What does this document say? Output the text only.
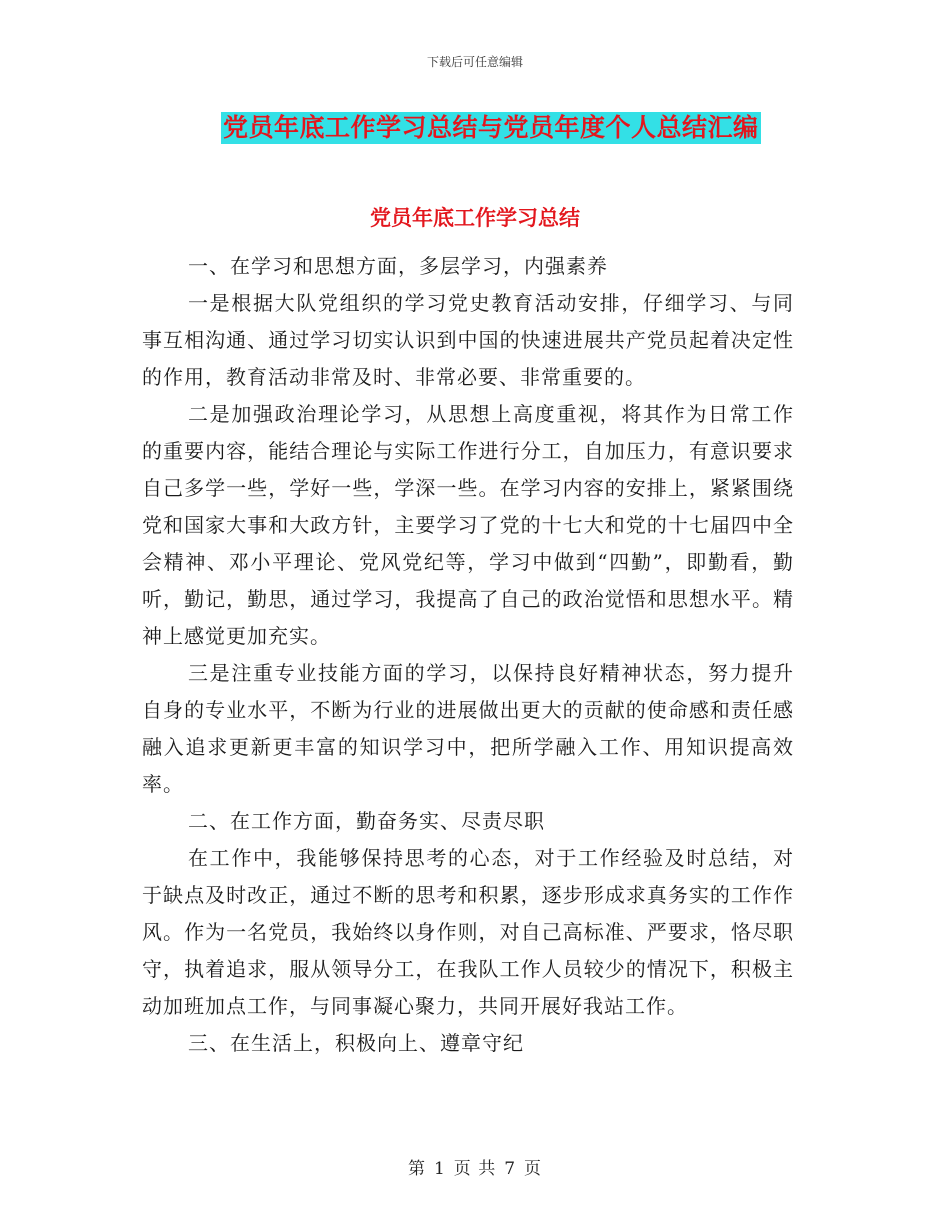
下载后可任意编辑
党员年底工作学习总结与党员年度个人总结汇编
党员年底工作学习总结

一、在学习和思想方面，多层学习，内强素养

一是根据大队党组织的学习党史教育活动安排，仔细学习、与同事互相沟通、通过学习切实认识到中国的快速进展共产党员起着决定性的作用，教育活动非常及时、非常必要、非常重要的。

二是加强政治理论学习，从思想上高度重视，将其作为日常工作的重要内容，能结合理论与实际工作进行分工，自加压力，有意识要求自己多学一些，学好一些，学深一些。在学习内容的安排上，紧紧围绕党和国家大事和大政方针，主要学习了党的十七大和党的十七届四中全会精神、邓小平理论、党风党纪等，学习中做到“四勤”，即勤看，勤听，勤记，勤思，通过学习，我提高了自己的政治觉悟和思想水平。精神上感觉更加充实。

三是注重专业技能方面的学习，以保持良好精神状态，努力提升自身的专业水平，不断为行业的进展做出更大的贡献的使命感和责任感融入追求更新更丰富的知识学习中，把所学融入工作、用知识提高效率。

二、在工作方面，勤奋务实、尽责尽职

在工作中，我能够保持思考的心态，对于工作经验及时总结，对于缺点及时改正，通过不断的思考和积累，逐步形成求真务实的工作作风。作为一名党员，我始终以身作则，对自己高标准、严要求，恪尽职守，执着追求，服从领导分工，在我队工作人员较少的情况下，积极主动加班加点工作，与同事凝心聚力，共同开展好我站工作。

三、在生活上，积极向上、遵章守纪

第 1 页 共 7 页
